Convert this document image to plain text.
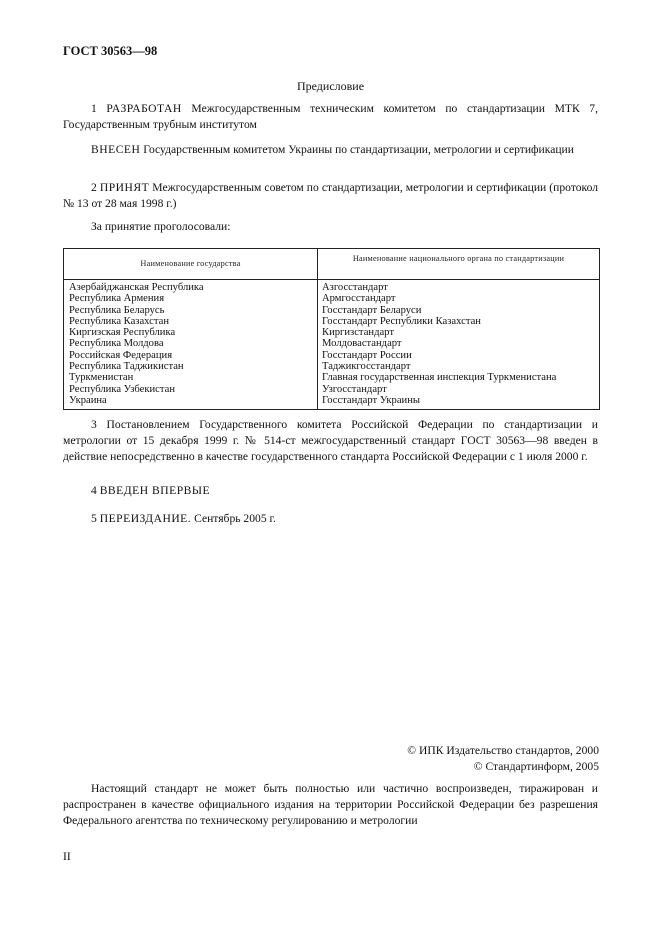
ГОСТ 30563—98
Предисловие
1 РАЗРАБОТАН Межгосударственным техническим комитетом по стандартизации МТК 7, Государственным трубным институтом
ВНЕСЕН Государственным комитетом Украины по стандартизации, метрологии и сертификации
2 ПРИНЯТ Межгосударственным советом по стандартизации, метрологии и сертификации (протокол № 13 от 28 мая 1998 г.)
За принятие проголосовали:
Наименование государства
Наименование национального органа по стандартизации
Азербайджанская Республика
Республика Армения
Республика Беларусь
Республика Казахстан
Киргизская Республика
Республика Молдова
Российская Федерация
Республика Таджикистан
Туркменистан
Республика Узбекистан
Украина
Азгосстандарт
Армгосстандарт
Госстандарт Беларуси
Госстандарт Республики Казахстан
Киргизстандарт
Молдовастандарт
Госстандарт России
Таджикгосстандарт
Главная государственная инспекция Туркменистана
Узгосстандарт
Госстандарт Украины
3 Постановлением Государственного комитета Российской Федерации по стандартизации и метрологии от 15 декабря 1999 г. № 514-ст межгосударственный стандарт ГОСТ 30563—98 введен в действие непосредственно в качестве государственного стандарта Российской Федерации с 1 июля 2000 г.
4 ВВЕДЕН ВПЕРВЫЕ
5 ПЕРЕИЗДАНИЕ. Сентябрь 2005 г.
© ИПК Издательство стандартов, 2000
© Стандартинформ, 2005
Настоящий стандарт не может быть полностью или частично воспроизведен, тиражирован и распространен в качестве официального издания на территории Российской Федерации без разрешения Федерального агентства по техническому регулированию и метрологии
II
